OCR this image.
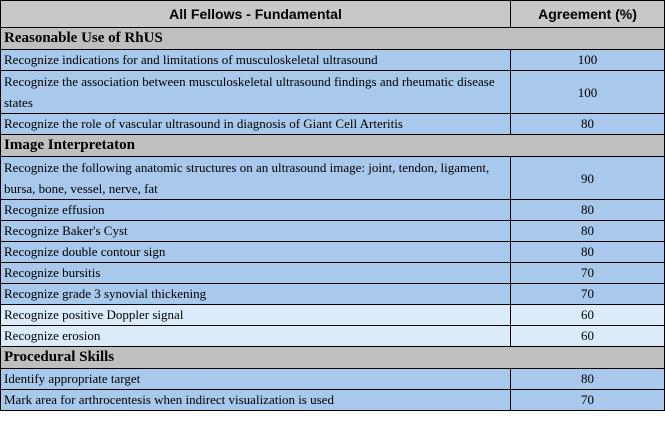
All Fellows - Fundamental	Agreement (%)
Reasonable Use of RhUS	
Recognize indications for and limitations of musculoskeletal ultrasound	100
Recognize the association between musculoskeletal ultrasound findings and rheumatic disease states	100
Recognize the role of vascular ultrasound in diagnosis of Giant Cell Arteritis	80
Image Interpretaton	
Recognize the following anatomic structures on an ultrasound image: joint, tendon, ligament, bursa, bone, vessel, nerve, fat	90
Recognize effusion	80
Recognize Baker's Cyst	80
Recognize double contour sign	80
Recognize bursitis	70
Recognize grade 3 synovial thickening	70
Recognize positive Doppler signal	60
Recognize erosion	60
Procedural Skills	
Identify appropriate target	80
Mark area for arthrocentesis when indirect visualization is used	70
